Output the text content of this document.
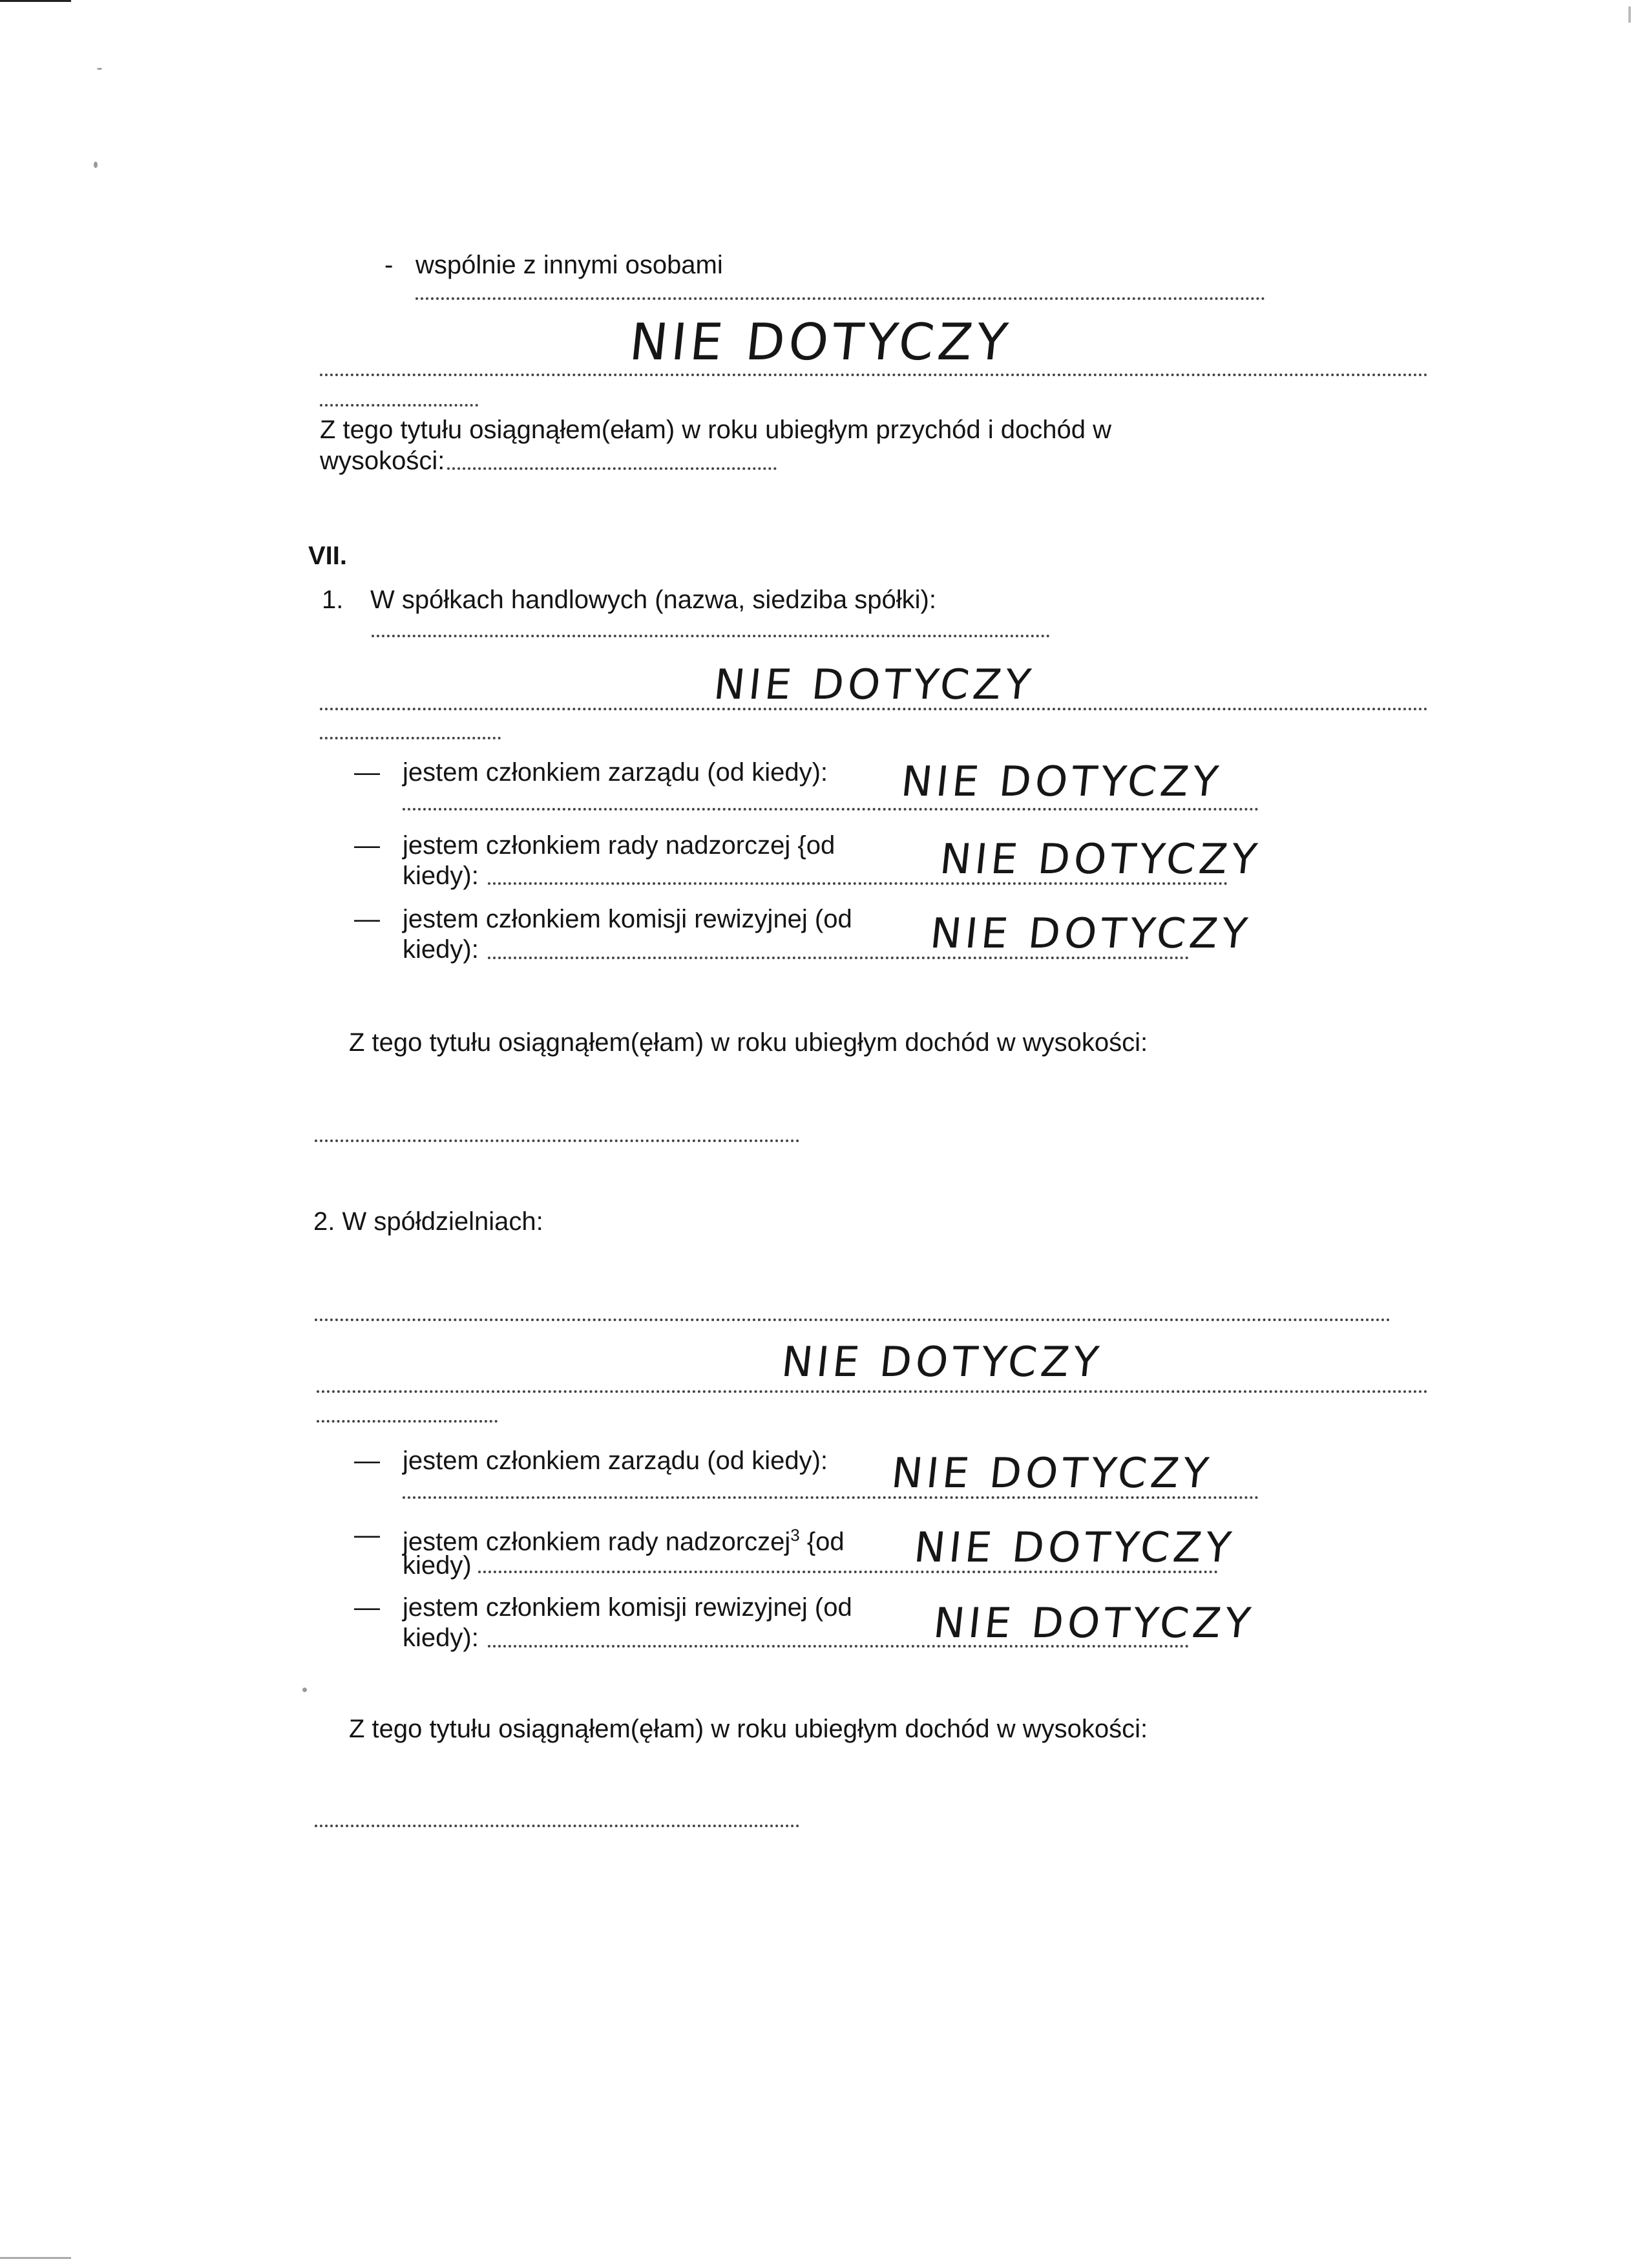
- wspólnie z innymi osobami
NIE DOTYCZY
Z tego tytułu osiągnąłem(ełam) w roku ubiegłym przychód i dochód w
wysokości:
VII.
1. W spółkach handlowych (nazwa, siedziba spółki):
NIE DOTYCZY
— jestem członkiem zarządu (od kiedy): NIE DOTYCZY
— jestem członkiem rady nadzorczej {od
kiedy):	NIE DOTYCZY
— jestem członkiem komisji rewizyjnej (od
kiedy):	NIE DOTYCZY
Z tego tytułu osiągnąłem(ęłam) w roku ubiegłym dochód w wysokości:
2. W spółdzielniach:
NIE DOTYCZY
— jestem członkiem zarządu (od kiedy): NIE DOTYCZY
— jestem członkiem rady nadzorczej$^3$ {od
kiedy)	NIE DOTYCZY
— jestem członkiem komisji rewizyjnej (od
kiedy):	NIE DOTYCZY
Z tego tytułu osiągnąłem(ęłam) w roku ubiegłym dochód w wysokości:
